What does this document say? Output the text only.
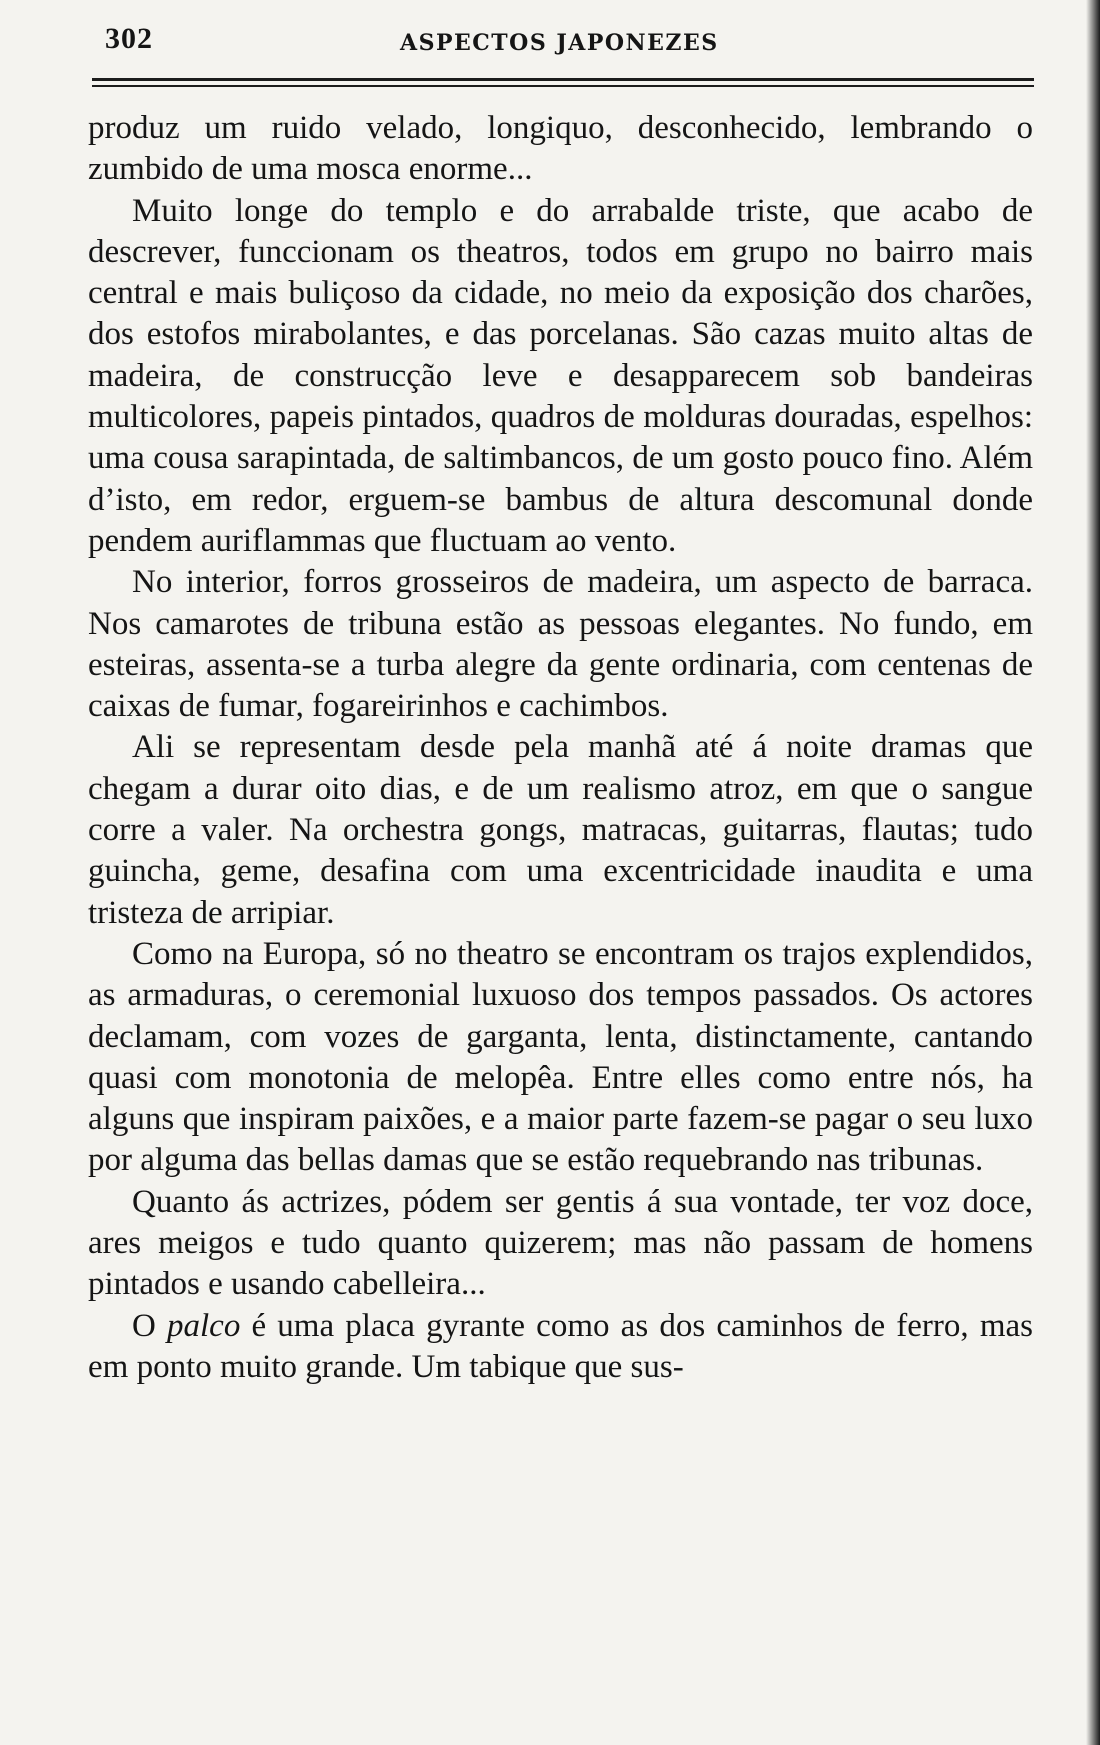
302	ASPECTOS JAPONEZES

produz um ruido velado, longiquo, desconhecido, lembrando o zumbido de uma mosca enorme...

Muito longe do templo e do arrabalde triste, que acabo de descrever, funccionam os theatros, todos em grupo no bairro mais central e mais buliçoso da cidade, no meio da exposição dos charões, dos estofos mirabolantes, e das porcelanas. São cazas muito altas de madeira, de construcção leve e desapparecem sob bandeiras multicolores, papeis pintados, quadros de molduras douradas, espelhos: uma cousa sarapintada, de saltimbancos, de um gosto pouco fino. Além d’isto, em redor, erguem-se bambus de altura descomunal donde pendem auriflammas que fluctuam ao vento.

No interior, forros grosseiros de madeira, um aspecto de barraca. Nos camarotes de tribuna estão as pessoas elegantes. No fundo, em esteiras, assenta-se a turba alegre da gente ordinaria, com centenas de caixas de fumar, fogareirinhos e cachimbos.

Ali se representam desde pela manhã até á noite dramas que chegam a durar oito dias, e de um realismo atroz, em que o sangue corre a valer. Na orchestra gongs, matracas, guitarras, flautas; tudo guincha, geme, desafina com uma excentricidade inaudita e uma tristeza de arripiar.

Como na Europa, só no theatro se encontram os trajos explendidos, as armaduras, o ceremonial luxuoso dos tempos passados. Os actores declamam, com vozes de garganta, lenta, distinctamente, cantando quasi com monotonia de melopêa. Entre elles como entre nós, ha alguns que inspiram paixões, e a maior parte fazem-se pagar o seu luxo por alguma das bellas damas que se estão requebrando nas tribunas.

Quanto ás actrizes, pódem ser gentis á sua vontade, ter voz doce, ares meigos e tudo quanto quizerem; mas não passam de homens pintados e usando cabelleira...

O palco é uma placa gyrante como as dos caminhos de ferro, mas em ponto muito grande. Um tabique que sus-
